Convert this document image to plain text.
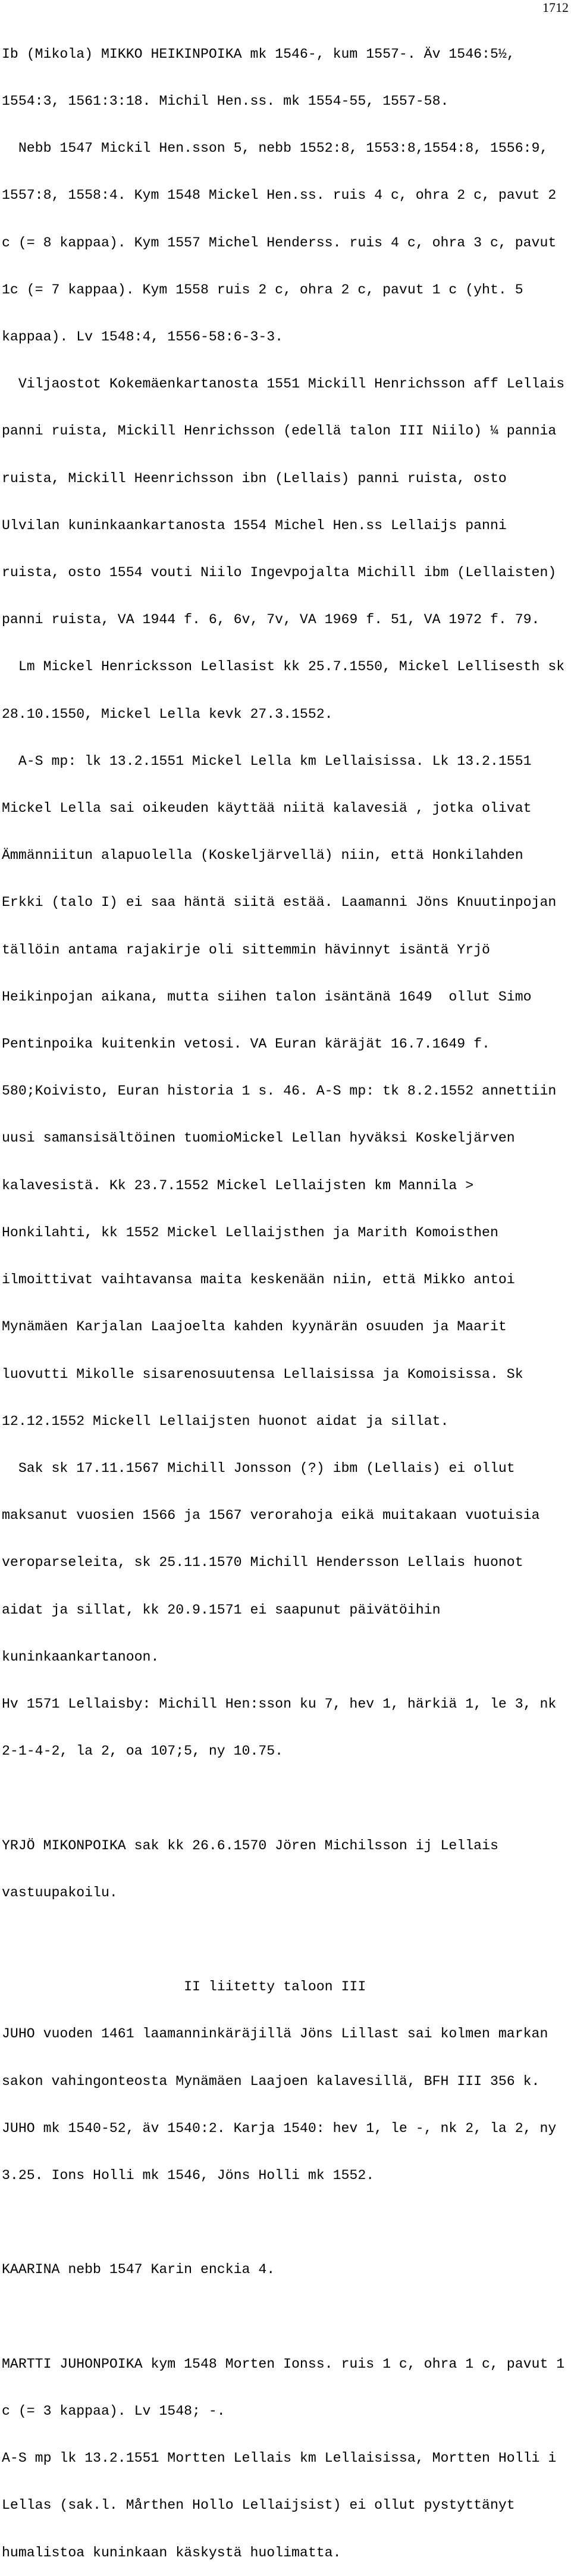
1712

Ib (Mikola) MIKKO HEIKINPOIKA mk 1546-, kum 1557-. Äv 1546:5½,

1554:3, 1561:3:18. Michil Hen.ss. mk 1554-55, 1557-58.

Nebb 1547 Mickil Hen.sson 5, nebb 1552:8, 1553:8,1554:8, 1556:9,

1557:8, 1558:4. Kym 1548 Mickel Hen.ss. ruis 4 c, ohra 2 c, pavut 2

c (= 8 kappaa). Kym 1557 Michel Henderss. ruis 4 c, ohra 3 c, pavut

1c (= 7 kappaa). Kym 1558 ruis 2 c, ohra 2 c, pavut 1 c (yht. 5

kappaa). Lv 1548:4, 1556-58:6-3-3.

Viljaostot Kokemäenkartanosta 1551 Mickill Henrichsson aff Lellais

panni ruista, Mickill Henrichsson (edellä talon III Niilo) ¼ pannia

ruista, Mickill Heenrichsson ibn (Lellais) panni ruista, osto

Ulvilan kuninkaankartanosta 1554 Michel Hen.ss Lellaijs panni

ruista, osto 1554 vouti Niilo Ingevpojalta Michill ibm (Lellaisten)

panni ruista, VA 1944 f. 6, 6v, 7v, VA 1969 f. 51, VA 1972 f. 79.

Lm Mickel Henricksson Lellasist kk 25.7.1550, Mickel Lellisesth sk

28.10.1550, Mickel Lella kevk 27.3.1552.

A-S mp: lk 13.2.1551 Mickel Lella km Lellaisissa. Lk 13.2.1551

Mickel Lella sai oikeuden käyttää niitä kalavesiä , jotka olivat

Ämmänniitun alapuolella (Koskeljärvellä) niin, että Honkilahden

Erkki (talo I) ei saa häntä siitä estää. Laamanni Jöns Knuutinpojan

tällöin antama rajakirje oli sittemmin hävinnyt isäntä Yrjö

Heikinpojan aikana, mutta siihen talon isäntänä 1649  ollut Simo

Pentinpoika kuitenkin vetosi. VA Euran käräjät 16.7.1649 f.

580;Koivisto, Euran historia 1 s. 46. A-S mp: tk 8.2.1552 annettiin

uusi samansisältöinen tuomioMickel Lellan hyväksi Koskeljärven

kalavesistä. Kk 23.7.1552 Mickel Lellaijsten km Mannila >

Honkilahti, kk 1552 Mickel Lellaijsthen ja Marith Komoisthen

ilmoittivat vaihtavansa maita keskenään niin, että Mikko antoi

Mynämäen Karjalan Laajoelta kahden kyynärän osuuden ja Maarit

luovutti Mikolle sisarenosuutensa Lellaisissa ja Komoisissa. Sk

12.12.1552 Mickell Lellaijsten huonot aidat ja sillat.

Sak sk 17.11.1567 Michill Jonsson (?) ibm (Lellais) ei ollut

maksanut vuosien 1566 ja 1567 verorahoja eikä muitakaan vuotuisia

veroparseleita, sk 25.11.1570 Michill Hendersson Lellais huonot

aidat ja sillat, kk 20.9.1571 ei saapunut päivätöihin

kuninkaankartanoon.

Hv 1571 Lellaisby: Michill Hen:sson ku 7, hev 1, härkiä 1, le 3, nk

2-1-4-2, la 2, oa 107;5, ny 10.75.

YRJÖ MIKONPOIKA sak kk 26.6.1570 Jören Michilsson ij Lellais

vastuupakoilu.

II liitetty taloon III

JUHO vuoden 1461 laamanninkäräjillä Jöns Lillast sai kolmen markan

sakon vahingonteosta Mynämäen Laajoen kalavesillä, BFH III 356 k.

JUHO mk 1540-52, äv 1540:2. Karja 1540: hev 1, le -, nk 2, la 2, ny

3.25. Ions Holli mk 1546, Jöns Holli mk 1552.

KAARINA nebb 1547 Karin enckia 4.

MARTTI JUHONPOIKA kym 1548 Morten Ionss. ruis 1 c, ohra 1 c, pavut 1

c (= 3 kappaa). Lv 1548; -.

A-S mp lk 13.2.1551 Mortten Lellais km Lellaisissa, Mortten Holli i

Lellas (sak.l. Mårthen Hollo Lellaijsist) ei ollut pystyttänyt

humalistoa kuninkaan käskystä huolimatta.
